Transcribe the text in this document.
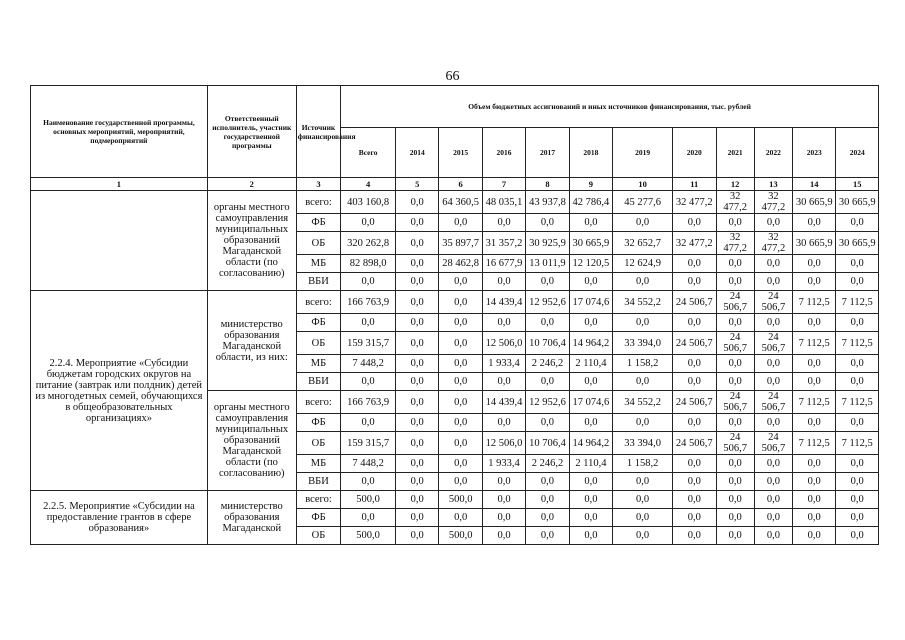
66
Наименование государственной программы, основных мероприятий, мероприятий, подмероприятий	Ответственный исполнитель, участник государственной программы	Источник финансирования	Объем бюджетных ассигнований и иных источников финансирования, тыс. рублей											
			Всего	2014	2015	2016	2017	2018	2019	2020	2021	2022	2023	2024
1	2	3	4	5	6	7	8	9	10	11	12	13	14	15
	органы местного самоуправления муниципальных образований Магаданской области (по согласованию)	всего:	403 160,8	0,0	64 360,5	48 035,1	43 937,8	42 786,4	45 277,6	32 477,2	32 477,2	32 477,2	30 665,9	30 665,9
		ФБ	0,0	0,0	0,0	0,0	0,0	0,0	0,0	0,0	0,0	0,0	0,0	0,0
		ОБ	320 262,8	0,0	35 897,7	31 357,2	30 925,9	30 665,9	32 652,7	32 477,2	32 477,2	32 477,2	30 665,9	30 665,9
		МБ	82 898,0	0,0	28 462,8	16 677,9	13 011,9	12 120,5	12 624,9	0,0	0,0	0,0	0,0	0,0
		ВБИ	0,0	0,0	0,0	0,0	0,0	0,0	0,0	0,0	0,0	0,0	0,0	0,0
2.2.4. Мероприятие «Субсидии бюджетам городских округов на питание (завтрак или полдник) детей из многодетных семей, обучающихся в общеобразовательных организациях»	министерство образования Магаданской области, из них:	всего:	166 763,9	0,0	0,0	14 439,4	12 952,6	17 074,6	34 552,2	24 506,7	24 506,7	24 506,7	7 112,5	7 112,5
		ФБ	0,0	0,0	0,0	0,0	0,0	0,0	0,0	0,0	0,0	0,0	0,0	0,0
		ОБ	159 315,7	0,0	0,0	12 506,0	10 706,4	14 964,2	33 394,0	24 506,7	24 506,7	24 506,7	7 112,5	7 112,5
		МБ	7 448,2	0,0	0,0	1 933,4	2 246,2	2 110,4	1 158,2	0,0	0,0	0,0	0,0	0,0
		ВБИ	0,0	0,0	0,0	0,0	0,0	0,0	0,0	0,0	0,0	0,0	0,0	0,0
	органы местного самоуправления муниципальных образований Магаданской области (по согласованию)	всего:	166 763,9	0,0	0,0	14 439,4	12 952,6	17 074,6	34 552,2	24 506,7	24 506,7	24 506,7	7 112,5	7 112,5
		ФБ	0,0	0,0	0,0	0,0	0,0	0,0	0,0	0,0	0,0	0,0	0,0	0,0
		ОБ	159 315,7	0,0	0,0	12 506,0	10 706,4	14 964,2	33 394,0	24 506,7	24 506,7	24 506,7	7 112,5	7 112,5
		МБ	7 448,2	0,0	0,0	1 933,4	2 246,2	2 110,4	1 158,2	0,0	0,0	0,0	0,0	0,0
		ВБИ	0,0	0,0	0,0	0,0	0,0	0,0	0,0	0,0	0,0	0,0	0,0	0,0
2.2.5. Мероприятие «Субсидии на предоставление грантов в сфере образования»	министерство образования Магаданской	всего:	500,0	0,0	500,0	0,0	0,0	0,0	0,0	0,0	0,0	0,0	0,0	0,0
		ФБ	0,0	0,0	0,0	0,0	0,0	0,0	0,0	0,0	0,0	0,0	0,0	0,0
		ОБ	500,0	0,0	500,0	0,0	0,0	0,0	0,0	0,0	0,0	0,0	0,0	0,0
